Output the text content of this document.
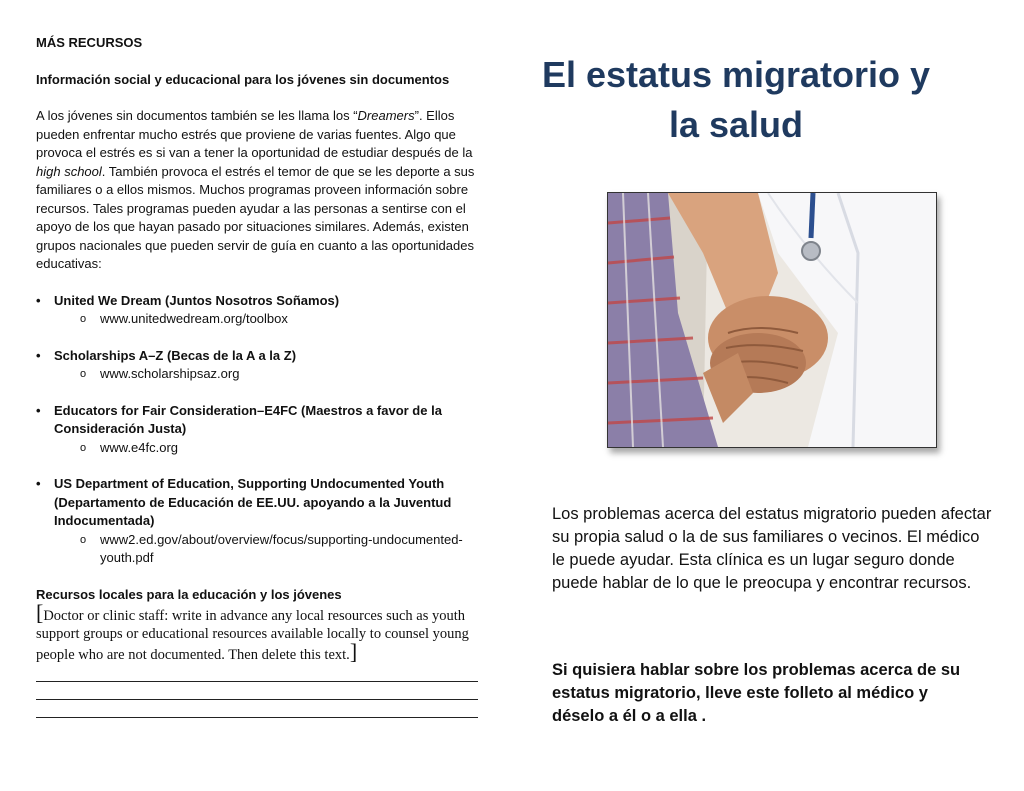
MÁS RECURSOS

Información social y educacional para los jóvenes sin documentos

A los jóvenes sin documentos también se les llama los “Dreamers”. Ellos pueden enfrentar mucho estrés que proviene de varias fuentes. Algo que provoca el estrés es si van a tener la oportunidad de estudiar después de la high school. También provoca el estrés el temor de que se les deporte a sus familiares o a ellos mismos. Muchos programas proveen información sobre recursos. Tales programas pueden ayudar a las personas a sentirse con el apoyo de los que hayan pasado por situaciones similares. Además, existen grupos nacionales que pueden servir de guía en cuanto a las oportunidades educativas:

•	United We Dream (Juntos Nosotros Soñamos)
o	www.unitedwedream.org/toolbox
•	Scholarships A–Z (Becas de la A a la Z)
o	www.scholarshipsaz.org
•	Educators for Fair Consideration–E4FC (Maestros a favor de la Consideración Justa)
o	www.e4fc.org
•	US Department of Education, Supporting Undocumented Youth (Departamento de Educación de EE.UU. apoyando a la Juventud Indocumentada)
o	www2.ed.gov/about/overview/focus/supporting-undocumented-youth.pdf

Recursos locales para la educación y los jóvenes

[Doctor or clinic staff: write in advance any local resources such as youth support groups or educational resources available locally to counsel young people who are not documented. Then delete this text.]

El estatus migratorio y
la salud

Los problemas acerca del estatus migratorio pueden afectar su propia salud o la de sus familiares o vecinos. El médico le puede ayudar. Esta clínica es un lugar seguro donde puede hablar de lo que le preocupa y encontrar recursos.

Si quisiera hablar sobre los problemas acerca de su estatus migratorio, lleve este folleto al médico y déselo a él o a ella .
